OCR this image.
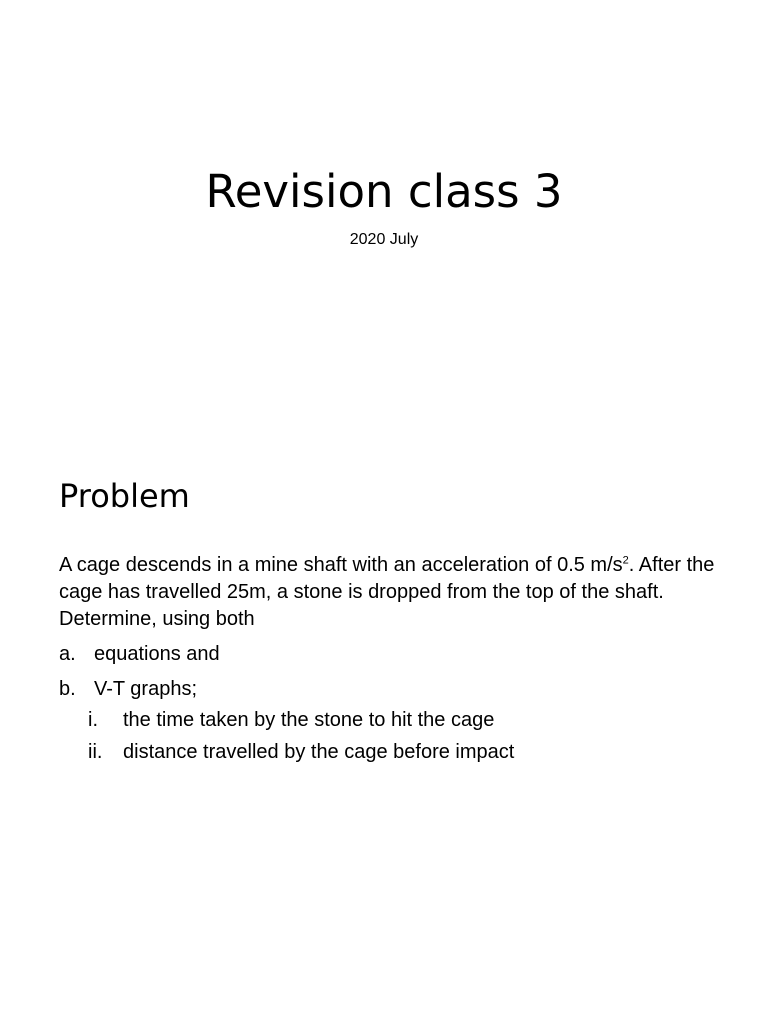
Revision class 3
2020 July
Problem

A cage descends in a mine shaft with an acceleration of 0.5 $m/s^2$. After the cage has travelled 25m, a stone is dropped from the top of the shaft. Determine, using both

a. equations and
b. V-T graphs;
i.	the time taken by the stone to hit the cage
ii.	distance travelled by the cage before impact
